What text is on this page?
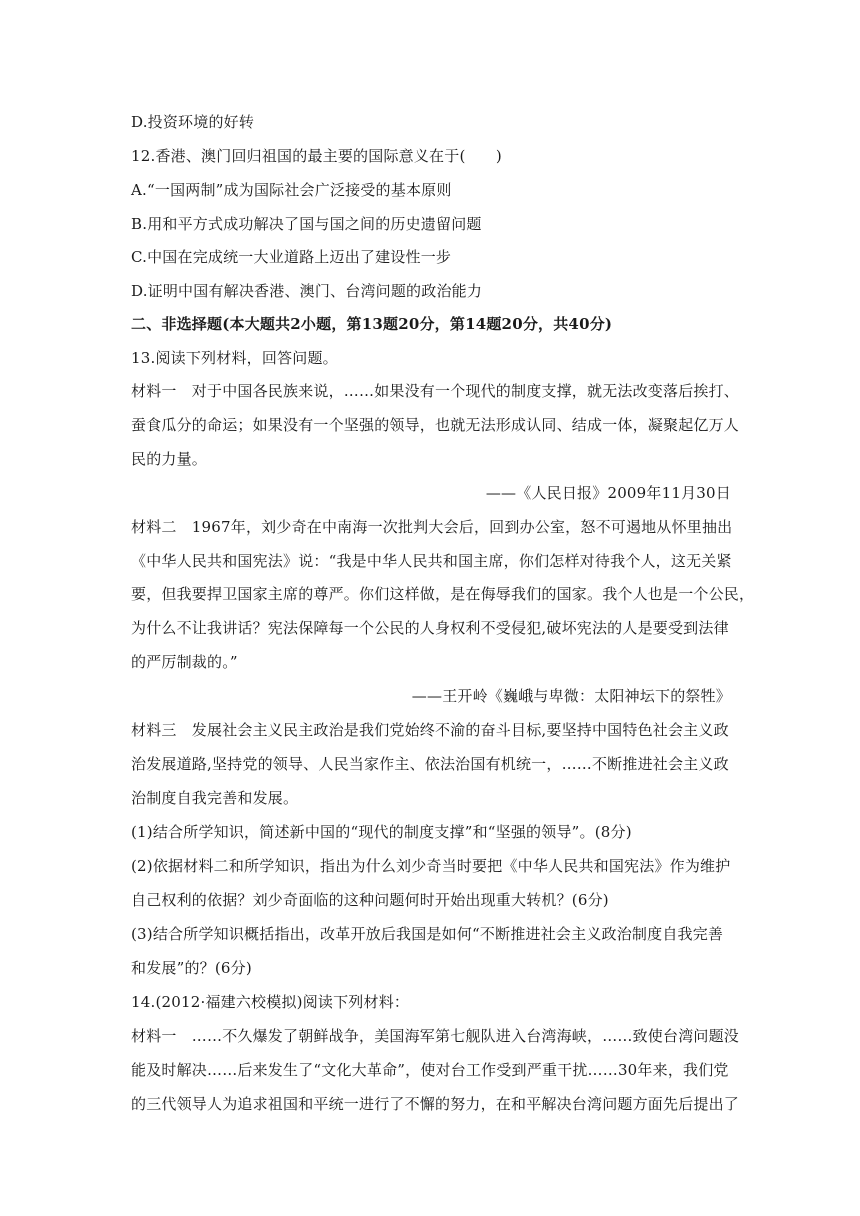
D.投资环境的好转
12.香港、澳门回归祖国的最主要的国际意义在于(　　)
A.“一国两制”成为国际社会广泛接受的基本原则
B.用和平方式成功解决了国与国之间的历史遗留问题
C.中国在完成统一大业道路上迈出了建设性一步
D.证明中国有解决香港、澳门、台湾问题的政治能力
二、非选择题(本大题共2小题，第13题20分，第14题20分，共40分)
13.阅读下列材料，回答问题。
材料一　对于中国各民族来说，……如果没有一个现代的制度支撑，就无法改变落后挨打、
蚕食瓜分的命运；如果没有一个坚强的领导，也就无法形成认同、结成一体，凝聚起亿万人
民的力量。
——《人民日报》2009年11月30日
材料二　1967年，刘少奇在中南海一次批判大会后，回到办公室，怒不可遏地从怀里抽出
《中华人民共和国宪法》说：“我是中华人民共和国主席，你们怎样对待我个人，这无关紧
要，但我要捍卫国家主席的尊严。你们这样做，是在侮辱我们的国家。我个人也是一个公民，
为什么不让我讲话？宪法保障每一个公民的人身权利不受侵犯,破坏宪法的人是要受到法律
的严厉制裁的。”
——王开岭《巍峨与卑微：太阳神坛下的祭牲》
材料三　发展社会主义民主政治是我们党始终不渝的奋斗目标,要坚持中国特色社会主义政
治发展道路,坚持党的领导、人民当家作主、依法治国有机统一，……不断推进社会主义政
治制度自我完善和发展。
(1)结合所学知识，简述新中国的“现代的制度支撑”和“坚强的领导”。(8分)
(2)依据材料二和所学知识，指出为什么刘少奇当时要把《中华人民共和国宪法》作为维护
自己权利的依据？刘少奇面临的这种问题何时开始出现重大转机？(6分)
(3)结合所学知识概括指出，改革开放后我国是如何“不断推进社会主义政治制度自我完善
和发展”的？(6分)
14.(2012·福建六校模拟)阅读下列材料：
材料一　……不久爆发了朝鲜战争，美国海军第七舰队进入台湾海峡，……致使台湾问题没
能及时解决……后来发生了“文化大革命”，使对台工作受到严重干扰……30年来，我们党
的三代领导人为追求祖国和平统一进行了不懈的努力，在和平解决台湾问题方面先后提出了
